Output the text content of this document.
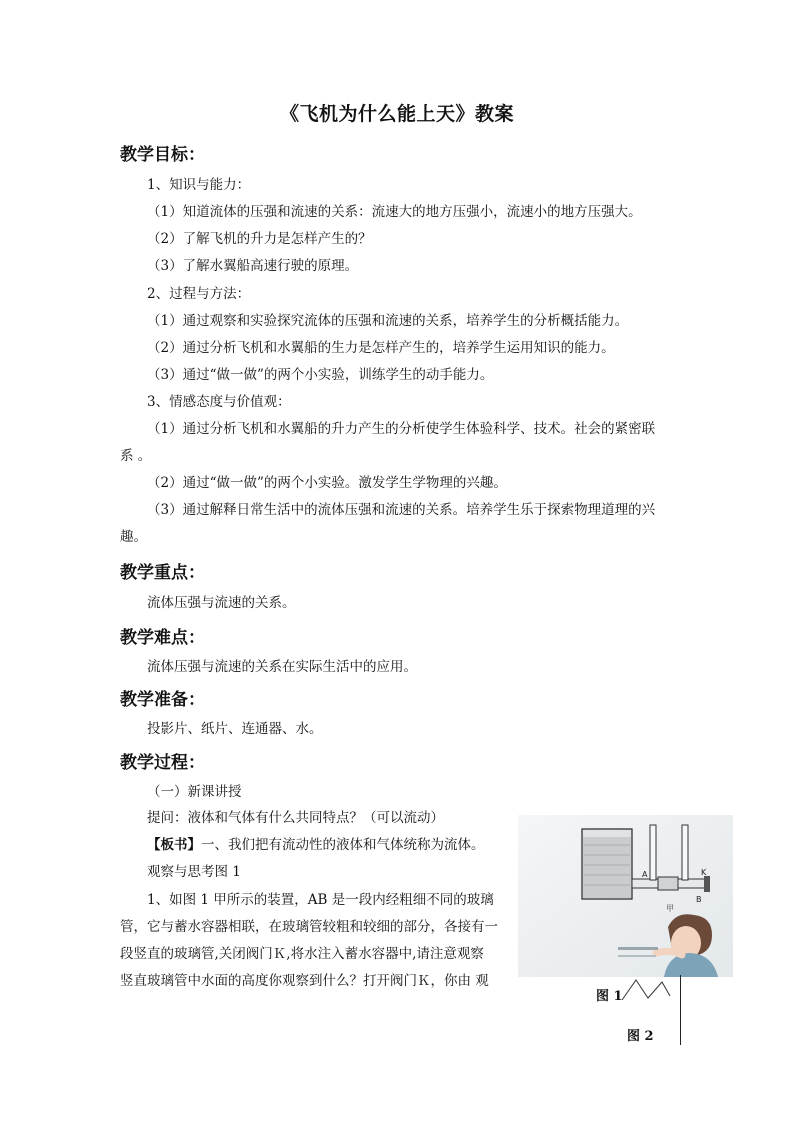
《飞机为什么能上天》教案
教学目标：
1、知识与能力：
（1）知道流体的压强和流速的关系：流速大的地方压强小，流速小的地方压强大。
（2）了解飞机的升力是怎样产生的？
（3）了解水翼船高速行驶的原理。
2、过程与方法：
（1）通过观察和实验探究流体的压强和流速的关系，培养学生的分析概括能力。
（2）通过分析飞机和水翼船的生力是怎样产生的，培养学生运用知识的能力。
（3）通过“做一做”的两个小实验，训练学生的动手能力。
3、情感态度与价值观：
（1）通过分析飞机和水翼船的升力产生的分析使学生体验科学、技术。社会的紧密联
系 。
（2）通过“做一做”的两个小实验。激发学生学物理的兴趣。
（3）通过解释日常生活中的流体压强和流速的关系。培养学生乐于探索物理道理的兴
趣。
教学重点：
流体压强与流速的关系。
教学难点：
流体压强与流速的关系在实际生活中的应用。
教学准备：
投影片、纸片、连通器、水。
教学过程：
（一）新课讲授
提问：液体和气体有什么共同特点？（可以流动）
【板书】一、我们把有流动性的液体和气体统称为流体。
观察与思考图 1
1、如图 1 甲所示的装置，AB 是一段内经粗细不同的玻璃
管，它与蓄水容器相联，在玻璃管较粗和较细的部分，各接有一
段竖直的玻璃管,关闭阀门Ｋ,将水注入蓄水容器中,请注意观察
竖直玻璃管中水面的高度你观察到什么？打开阀门Ｋ，你由 观
A	K
B
甲
图 1
图 2
